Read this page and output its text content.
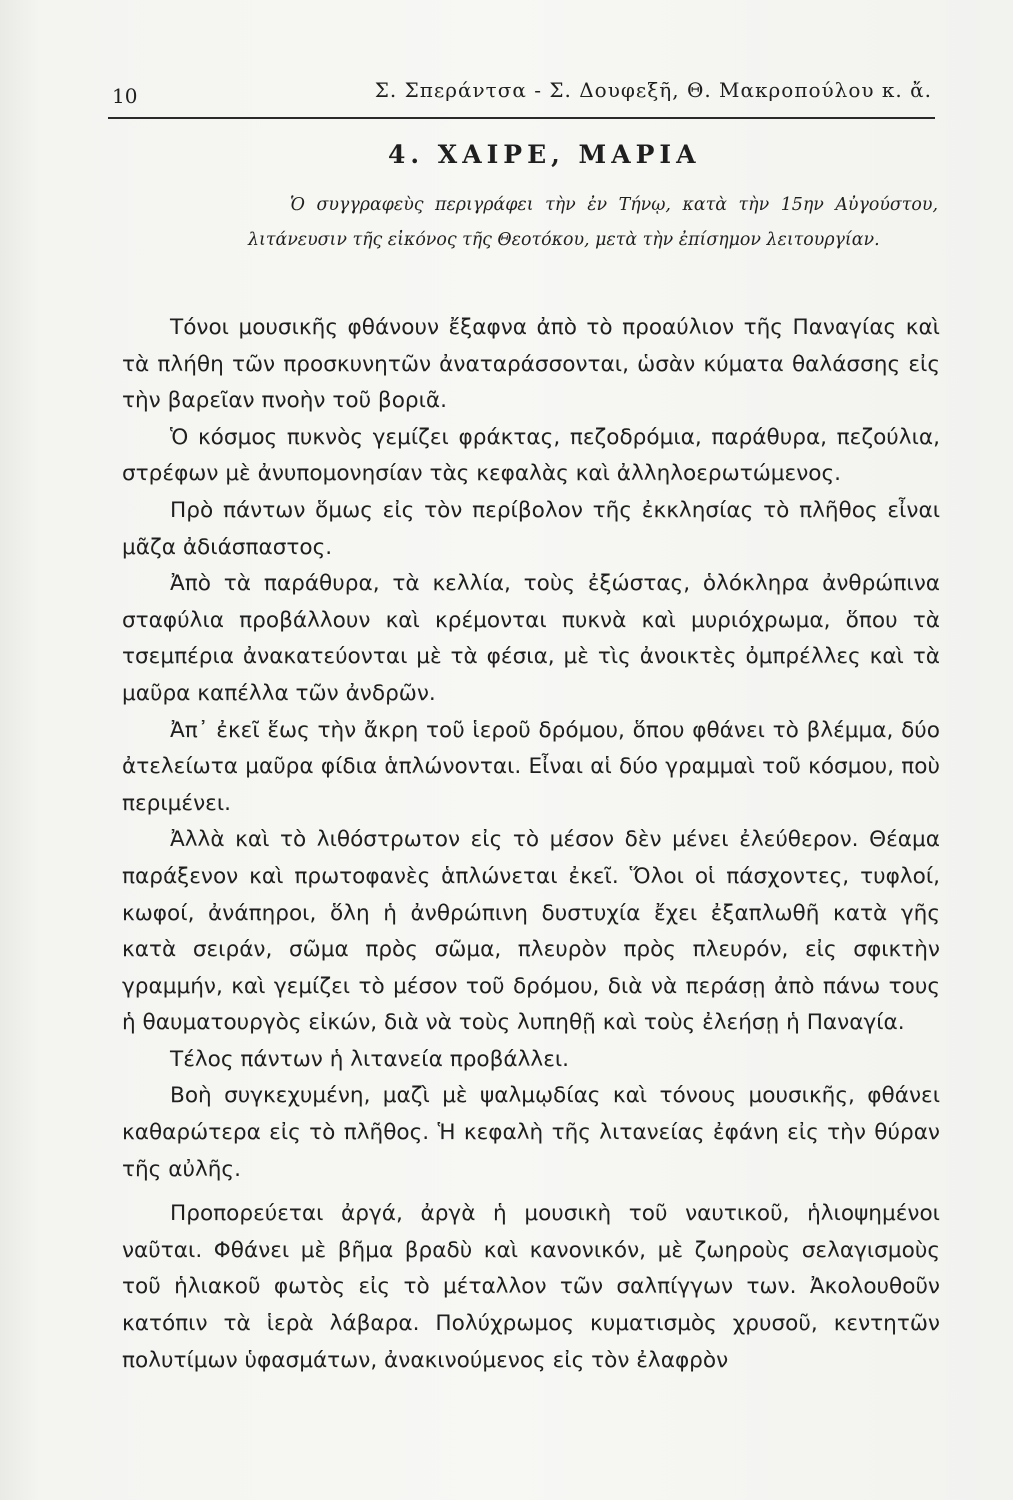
10	Σ. Σπεράντσα - Σ. Δουφεξῆ, Θ. Μακροπούλου κ. ἄ.
4. ΧΑΙΡΕ, ΜΑΡΙΑ
Ὁ συγγραφεὺς περιγράφει τὴν ἐν Τήνῳ, κατὰ τὴν 15ην Αὐγούστου, λιτάνευσιν τῆς εἰκόνος τῆς Θεοτόκου, μετὰ τὴν ἐπίσημον λειτουργίαν.

Τόνοι μουσικῆς φθάνουν ἔξαφνα ἀπὸ τὸ προαύλιον τῆς Παναγίας καὶ τὰ πλήθη τῶν προσκυνητῶν ἀναταράσσονται, ὡσὰν κύματα θαλάσσης εἰς τὴν βαρεῖαν πνοὴν τοῦ βοριᾶ.

Ὁ κόσμος πυκνὸς γεμίζει φράκτας, πεζοδρόμια, παράθυρα, πεζούλια, στρέφων μὲ ἀνυπομονησίαν τὰς κεφαλὰς καὶ ἀλληλοερωτώμενος.

Πρὸ πάντων ὅμως εἰς τὸν περίβολον τῆς ἐκκλησίας τὸ πλῆθος εἶναι μᾶζα ἀδιάσπαστος.

Ἀπὸ τὰ παράθυρα, τὰ κελλία, τοὺς ἐξώστας, ὁλόκληρα ἀνθρώπινα σταφύλια προβάλλουν καὶ κρέμονται πυκνὰ καὶ μυριόχρωμα, ὅπου τὰ τσεμπέρια ἀνακατεύονται μὲ τὰ φέσια, μὲ τὶς ἀνοικτὲς ὀμπρέλλες καὶ τὰ μαῦρα καπέλλα τῶν ἀνδρῶν.

Ἀπ᾽ ἐκεῖ ἕως τὴν ἄκρη τοῦ ἱεροῦ δρόμου, ὅπου φθάνει τὸ βλέμμα, δύο ἀτελείωτα μαῦρα φίδια ἁπλώνονται. Εἶναι αἱ δύο γραμμαὶ τοῦ κόσμου, ποὺ περιμένει.

Ἀλλὰ καὶ τὸ λιθόστρωτον εἰς τὸ μέσον δὲν μένει ἐλεύθερον. Θέαμα παράξενον καὶ πρωτοφανὲς ἁπλώνεται ἐκεῖ. Ὅλοι οἱ πάσχοντες, τυφλοί, κωφοί, ἀνάπηροι, ὅλη ἡ ἀνθρώπινη δυστυχία ἔχει ἐξαπλωθῆ κατὰ γῆς κατὰ σειράν, σῶμα πρὸς σῶμα, πλευρὸν πρὸς πλευρόν, εἰς σφικτὴν γραμμήν, καὶ γεμίζει τὸ μέσον τοῦ δρόμου, διὰ νὰ περάσῃ ἀπὸ πάνω τους ἡ θαυματουργὸς εἰκών, διὰ νὰ τοὺς λυπηθῇ καὶ τοὺς ἐλεήσῃ ἡ Παναγία.

Τέλος πάντων ἡ λιτανεία προβάλλει.

Βοὴ συγκεχυμένη, μαζὶ μὲ ψαλμῳδίας καὶ τόνους μουσικῆς, φθάνει καθαρώτερα εἰς τὸ πλῆθος. Ἡ κεφαλὴ τῆς λιτανείας ἐφάνη εἰς τὴν θύραν τῆς αὐλῆς.

Προπορεύεται ἀργά, ἀργὰ ἡ μουσικὴ τοῦ ναυτικοῦ, ἡλιοψημένοι ναῦται. Φθάνει μὲ βῆμα βραδὺ καὶ κανονικόν, μὲ ζωηροὺς σελαγισμοὺς τοῦ ἡλιακοῦ φωτὸς εἰς τὸ μέταλλον τῶν σαλπίγγων των. Ἀκολουθοῦν κατόπιν τὰ ἱερὰ λάβαρα. Πολύχρωμος κυματισμὸς χρυσοῦ, κεντητῶν πολυτίμων ὑφασμάτων, ἀνακινούμενος εἰς τὸν ἐλαφρὸν
